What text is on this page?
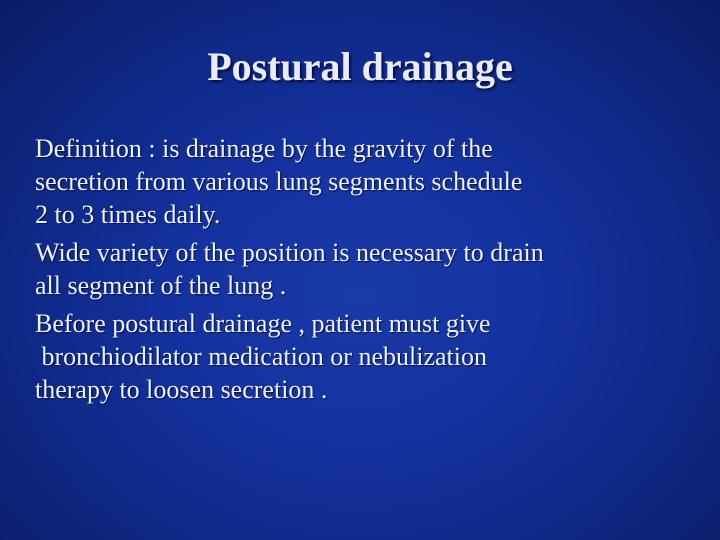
Postural drainage
Definition : is drainage by the gravity of the
secretion from various lung segments schedule
2 to 3 times daily.
Wide variety of the position is necessary to drain
all segment of the lung .
Before postural drainage , patient must give
bronchiodilator medication or nebulization
therapy to loosen secretion .
